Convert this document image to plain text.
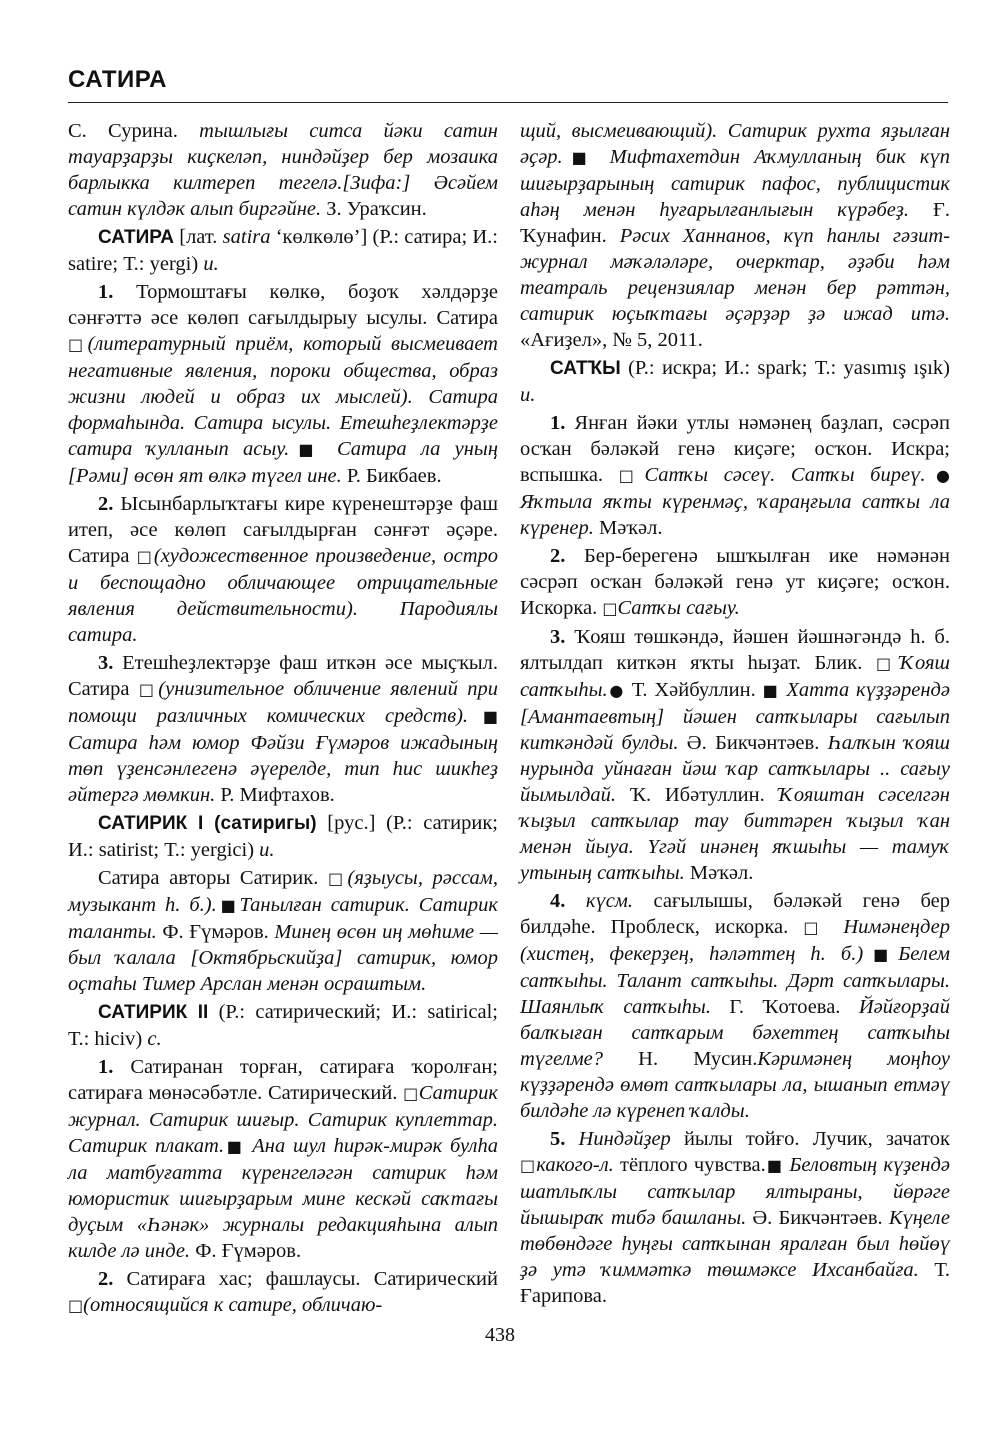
САТИРА

С. Сурина. тышлығы ситса йәки сатин тауарҙарҙы киҫкеләп, ниндәйҙер бер мозаика барлыкка килтереп тегелә.[Зифа:] Әсәйем сатин күлдәк алып биргәйне. З. Ураҡсин.

САТИРА [лат. satira ‘көлкөлө’] (Р.: сатира; И.: satire; Т.: yergi) и.

1. Тормоштағы көлкө, боҙоҡ хәлдәрҙе сәнғәттә әсе көлөп сағылдырыу ысулы. Сатира □(литературный приём, который высмеивает негативные явления, пороки общества, образ жизни людей и образ их мыслей). Сатира формаһында. Сатира ысулы. Етешһеҙлектәрҙе сатира ҡулланып асыу.■ Сатира ла уның [Рәми] өсөн ят өлкә түгел ине. Р. Бикбаев.

2. Ысынбарлыҡтағы кире күренештәрҙе фаш итеп, әсе көлөп сағылдырған сәнғәт әҫәре. Сатира □(художественное произведение, остро и беспощадно обличающее отрицательные явления действительности). Пародиялы сатира.

3. Етешһеҙлектәрҙе фаш иткән әсе мыҫҡыл. Сатира □(унизительное обличение явлений при помощи различных комических средств).■ Сатира һәм юмор Фәйзи Ғүмәров ижадының төп үҙенсәнлегенә әүерелде, тип һис шикһеҙ әйтергә мөмкин. Р. Мифтахов.

САТИРИК I (сатиригы) [рус.] (Р.: сатирик; И.: satirist; Т.: yergici) и.

Сатира авторы Сатирик. □(яҙыусы, рәссам, музыкант һ. б.).■Танылған сатирик. Сатирик таланты. Ф. Ғүмәров. Минең өсөн иң мөһиме — был ҡалала [Октябрьскийҙа] сатирик, юмор оҫтаһы Тимер Арслан менән осраштым.

САТИРИК II (Р.: сатирический; И.: satirical; Т.: hiciv) с.

1. Сатиранан торған, сатираға ҡоролған; сатираға мөнәсәбәтле. Сатирический. □Сатирик журнал. Сатирик шиғыр. Сатирик куплеттар. Сатирик плакат.■ Ана шул һирәк-мирәк булһа ла матбуғатта күренгеләгән сатирик һәм юмористик шиғырҙарым мине кескәй саҡтағы дуҫым «Һәнәк» журналы редакцияһына алып килде лә инде. Ф. Ғүмәров.

2. Сатираға хас; фашлаусы. Сатирический □(относящийся к сатире, обличаю-

щий, высмеивающий). Сатирик рухта яҙылған әҫәр.■ Мифтахетдин Аҡмулланың бик күп шиғырҙарының сатирик пафос, публицистик аһәң менән һуғарылғанлығын күрәбеҙ. Ғ. Ҡунафин. Рәсих Ханнанов, күп һанлы гәзит-журнал мәҡәләләре, очерктар, әҙәби һәм театраль рецензиялар менән бер рәттән, сатирик юҫыҡтағы әҫәрҙәр ҙә ижад итә. «Ағиҙел», № 5, 2011.

САТҠЫ (Р.: искра; И.: spark; Т.: yasımış ışık) и.

1. Янған йәки утлы нәмәнең баҙлап, сәсрәп осҡан бәләкәй генә киҫәге; осҡон. Искра; вспышка. □Сатҡы сәсеү. Сатҡы биреү.● Яҡтыла яҡты күренмәҫ, ҡараңғыла сатҡы ла күренер. Мәҡәл.

2. Бер-берегенә ышҡылған ике нәмәнән сәсрәп осҡан бәләкәй генә ут киҫәге; осҡон. Искорка. □Сатҡы сағыу.

3. Ҡояш төшкәндә, йәшен йәшнәгәндә һ. б. ялтылдап киткән яҡты һыҙат. Блик. □Ҡояш сатҡыһы.● Т. Хәйбуллин. ■ Хатта күҙҙәрендә [Амантаевтың] йәшен сатҡылары сағылып киткәндәй булды. Ә. Бикчәнтәев. Һалҡын ҡояш нурында уйнаған йәш ҡар сатҡылары .. сағыу йымылдай. Ҡ. Ибәтуллин. Ҡояштан сәселгән ҡыҙыл сатҡылар тау биттәрен ҡыҙыл ҡан менән йыуа. Үгәй инәнең яҡшыһы — тамуҡ утының сатҡыһы. Мәҡәл.

4. күсм. сағылышы, бәләкәй генә бер билдәһе. Проблеск, искорка. □ Нимәнеңдер (хистең, фекерҙең, һәләттең һ. б.)■Белем сатҡыһы. Талант сатҡыһы. Дәрт сатҡылары. Шаянлыҡ сатҡыһы. Г. Ҡотоева. Йәйғорҙай балҡыған сатҡарым бәхеттең сатҡыһы түгелме? Н. Мусин.Кәримәнең моңһоу күҙҙәрендә өмөт сатҡылары ла, ышанып етмәү билдәһе лә күренеп ҡалды.

5. Ниндәйҙер йылы тойғо. Лучик, зачаток □какого-л. тёплого чувства.■ Беловтың күҙендә шатлыҡлы сатҡылар ялтыраны, йөрәге йышыраҡ тибә башланы. Ә. Бикчәнтәев. Күңеле төбөндәге һуңғы сатҡынан яралған был һөйөү ҙә утә ҡиммәткә төшмәксе Ихсанбайға. Т. Ғарипова.

438
